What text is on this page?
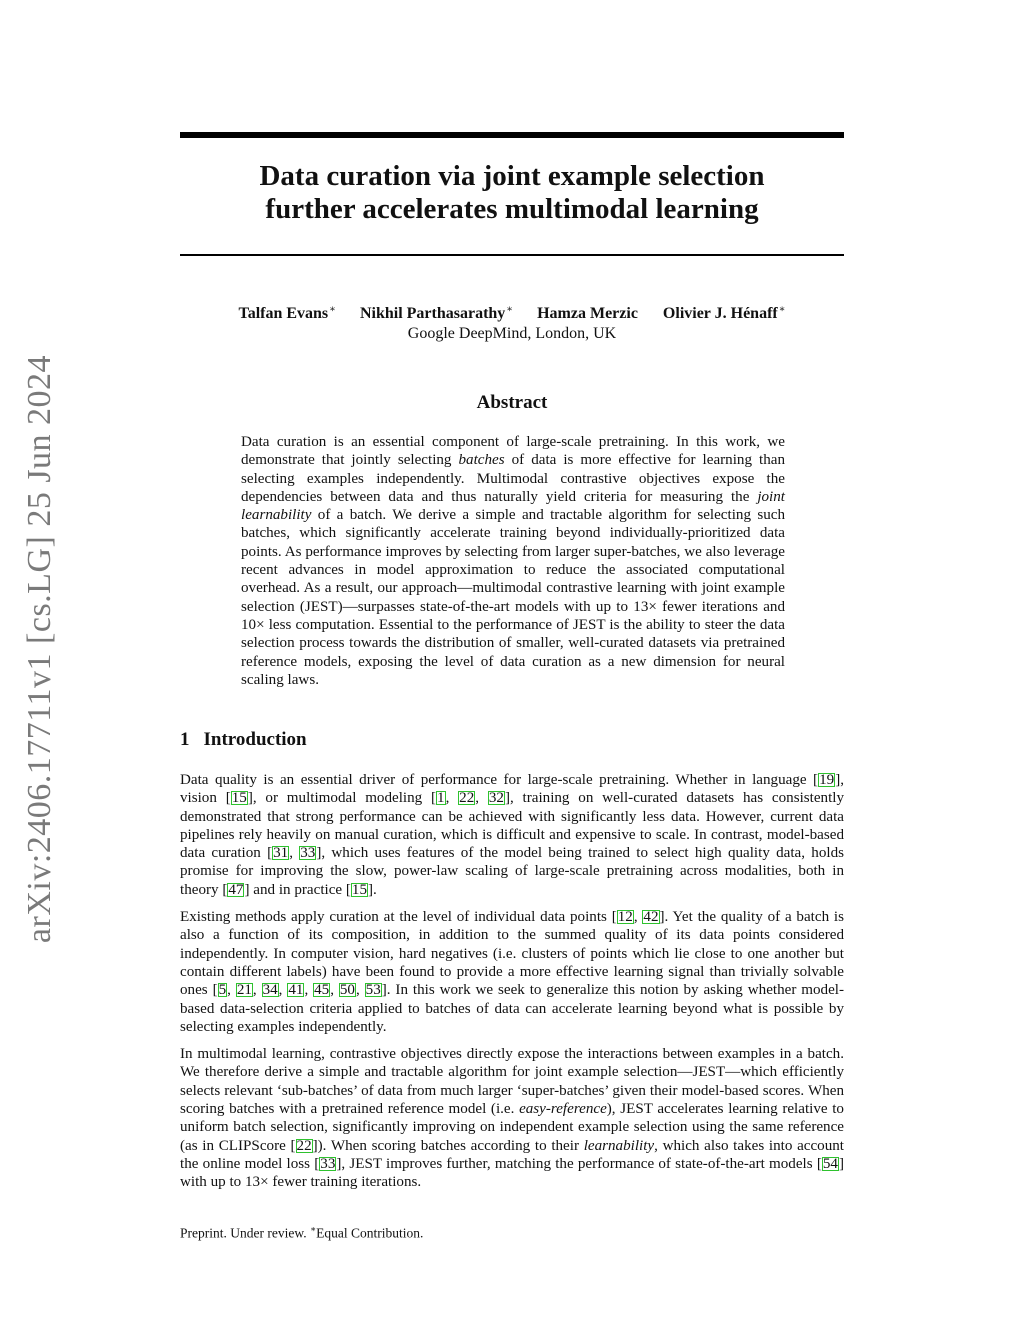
arXiv:2406.17711v1 [cs.LG] 25 Jun 2024
Data curation via joint example selection
further accelerates multimodal learning
Talfan Evans∗ Nikhil Parthasarathy∗ Hamza Merzic Olivier J. Hénaff∗
Google DeepMind, London, UK
Abstract
Data curation is an essential component of large-scale pretraining. In this work, we demonstrate that jointly selecting batches of data is more effective for learning than selecting examples independently. Multimodal contrastive objectives expose the dependencies between data and thus naturally yield criteria for measuring the joint learnability of a batch. We derive a simple and tractable algorithm for selecting such batches, which significantly accelerate training beyond individually-prioritized data points. As performance improves by selecting from larger super-batches, we also leverage recent advances in model approximation to reduce the associated computational overhead. As a result, our approach—multimodal contrastive learning with joint example selection (JEST)—surpasses state-of-the-art models with up to 13× fewer iterations and 10× less computation. Essential to the performance of JEST is the ability to steer the data selection process towards the distribution of smaller, well-curated datasets via pretrained reference models, exposing the level of data curation as a new dimension for neural scaling laws.
1 Introduction

Data quality is an essential driver of performance for large-scale pretraining. Whether in language [19], vision [15], or multimodal modeling [1, 22, 32], training on well-curated datasets has consistently demonstrated that strong performance can be achieved with significantly less data. However, current data pipelines rely heavily on manual curation, which is difficult and expensive to scale. In contrast, model-based data curation [31, 33], which uses features of the model being trained to select high quality data, holds promise for improving the slow, power-law scaling of large-scale pretraining across modalities, both in theory [47] and in practice [15].

Existing methods apply curation at the level of individual data points [12, 42]. Yet the quality of a batch is also a function of its composition, in addition to the summed quality of its data points considered independently. In computer vision, hard negatives (i.e. clusters of points which lie close to one another but contain different labels) have been found to provide a more effective learning signal than trivially solvable ones [5, 21, 34, 41, 45, 50, 53]. In this work we seek to generalize this notion by asking whether model-based data-selection criteria applied to batches of data can accelerate learning beyond what is possible by selecting examples independently.

In multimodal learning, contrastive objectives directly expose the interactions between examples in a batch. We therefore derive a simple and tractable algorithm for joint example selection—JEST—which efficiently selects relevant ‘sub-batches’ of data from much larger ‘super-batches’ given their model-based scores. When scoring batches with a pretrained reference model (i.e. easy-reference), JEST accelerates learning relative to uniform batch selection, significantly improving on independent example selection using the same reference (as in CLIPScore [22]). When scoring batches according to their learnability, which also takes into account the online model loss [33], JEST improves further, matching the performance of state-of-the-art models [54] with up to 13× fewer training iterations.

Preprint. Under review. ∗Equal Contribution.
